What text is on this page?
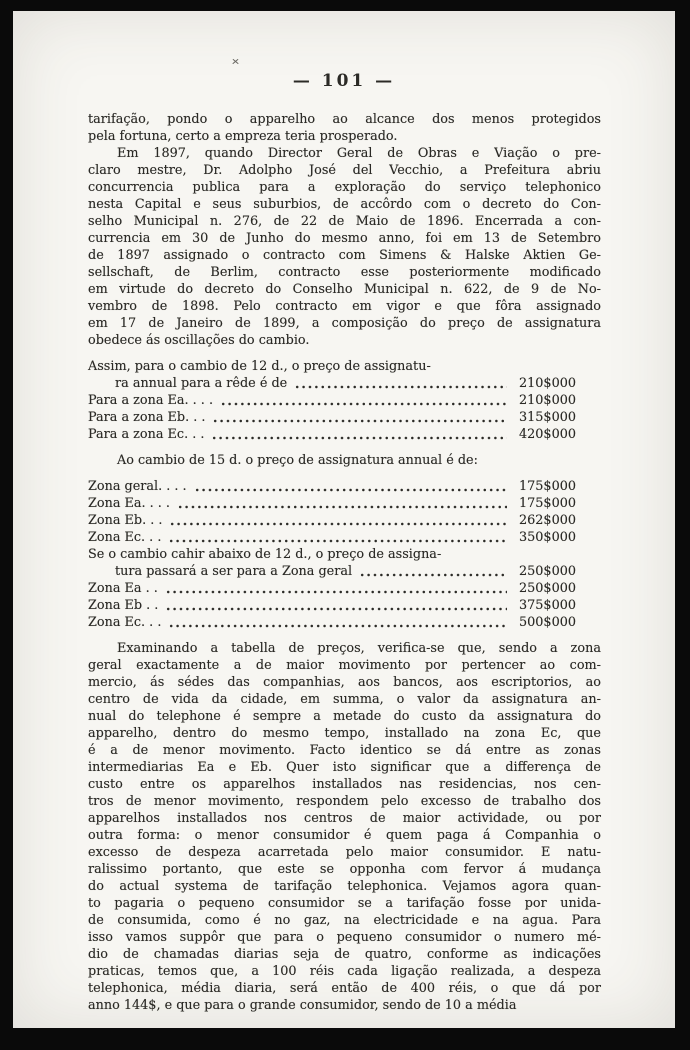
— 101 —
tarifação, pondo o apparelho ao alcance dos menos protegidos
pela fortuna, certo a empreza teria prosperado.
Em 1897, quando Director Geral de Obras e Viação o pre-
claro mestre, Dr. Adolpho José del Vecchio, a Prefeitura abriu
concurrencia publica para a exploração do serviço telephonico
nesta Capital e seus suburbios, de accôrdo com o decreto do Con-
selho Municipal n. 276, de 22 de Maio de 1896. Encerrada a con-
currencia em 30 de Junho do mesmo anno, foi em 13 de Setembro
de 1897 assignado o contracto com Simens & Halske Aktien Ge-
sellschaft, de Berlim, contracto esse posteriormente modificado
em virtude do decreto do Conselho Municipal n. 622, de 9 de No-
vembro de 1898. Pelo contracto em vigor e que fôra assignado
em 17 de Janeiro de 1899, a composição do preço de assignatura
obedece ás oscillações do cambio.
Assim, para o cambio de 12 d., o preço de assignatu-
ra annual para a rêde é de	210$000
Para a zona Ea. . . .	210$000
Para a zona Eb. . .	315$000
Para a zona Ec. . .	420$000
Ao cambio de 15 d. o preço de assignatura annual é de:
Zona geral. . . .	175$000
Zona Ea. . . .	175$000
Zona Eb. . .	262$000
Zona Ec. . .	350$000
Se o cambio cahir abaixo de 12 d., o preço de assigna-
tura passará a ser para a Zona geral	250$000
Zona Ea . .	250$000
Zona Eb . .	375$000
Zona Ec. . .	500$000
Examinando a tabella de preços, verifica-se que, sendo a zona
geral exactamente a de maior movimento por pertencer ao com-
mercio, ás sédes das companhias, aos bancos, aos escriptorios, ao
centro de vida da cidade, em summa, o valor da assignatura an-
nual do telephone é sempre a metade do custo da assignatura do
apparelho, dentro do mesmo tempo, installado na zona Ec, que
é a de menor movimento. Facto identico se dá entre as zonas
intermediarias Ea e Eb. Quer isto significar que a differença de
custo entre os apparelhos installados nas residencias, nos cen-
tros de menor movimento, respondem pelo excesso de trabalho dos
apparelhos installados nos centros de maior actividade, ou por
outra forma: o menor consumidor é quem paga á Companhia o
excesso de despeza acarretada pelo maior consumidor. E natu-
ralissimo portanto, que este se opponha com fervor á mudança
do actual systema de tarifação telephonica. Vejamos agora quan-
to pagaria o pequeno consumidor se a tarifação fosse por unida-
de consumida, como é no gaz, na electricidade e na agua. Para
isso vamos suppôr que para o pequeno consumidor o numero mé-
dio de chamadas diarias seja de quatro, conforme as indicações
praticas, temos que, a 100 réis cada ligação realizada, a despeza
telephonica, média diaria, será então de 400 réis, o que dá por
anno 144$, e que para o grande consumidor, sendo de 10 a média
